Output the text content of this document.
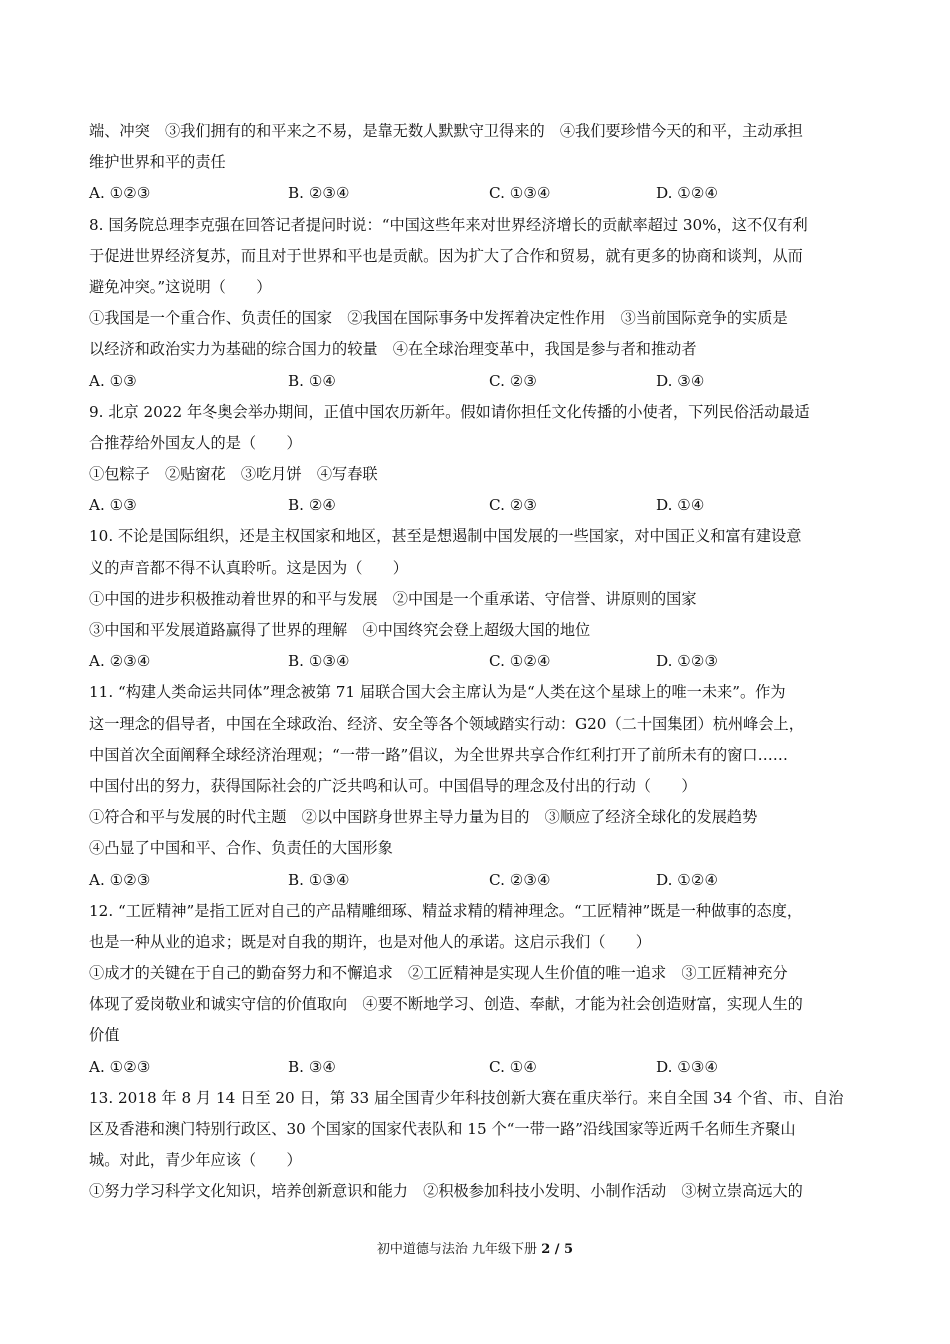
端、冲突　③我们拥有的和平来之不易，是靠无数人默默守卫得来的　④我们要珍惜今天的和平，主动承担
维护世界和平的责任
A. ①②③	B. ②③④	C. ①③④	D. ①②④
8. 国务院总理李克强在回答记者提问时说：“中国这些年来对世界经济增长的贡献率超过 30%，这不仅有利
于促进世界经济复苏，而且对于世界和平也是贡献。因为扩大了合作和贸易，就有更多的协商和谈判，从而
避免冲突。”这说明（　　）
①我国是一个重合作、负责任的国家　②我国在国际事务中发挥着决定性作用　③当前国际竞争的实质是
以经济和政治实力为基础的综合国力的较量　④在全球治理变革中，我国是参与者和推动者
A. ①③	B. ①④	C. ②③	D. ③④
9. 北京 2022 年冬奥会举办期间，正值中国农历新年。假如请你担任文化传播的小使者，下列民俗活动最适
合推荐给外国友人的是（　　）
①包粽子　②贴窗花　③吃月饼　④写春联
A. ①③	B. ②④	C. ②③	D. ①④
10. 不论是国际组织，还是主权国家和地区，甚至是想遏制中国发展的一些国家，对中国正义和富有建设意
义的声音都不得不认真聆听。这是因为（　　）
①中国的进步积极推动着世界的和平与发展　②中国是一个重承诺、守信誉、讲原则的国家
③中国和平发展道路赢得了世界的理解　④中国终究会登上超级大国的地位
A. ②③④	B. ①③④	C. ①②④	D. ①②③
11. “构建人类命运共同体”理念被第 71 届联合国大会主席认为是“人类在这个星球上的唯一未来”。作为
这一理念的倡导者，中国在全球政治、经济、安全等各个领域踏实行动：G20（二十国集团）杭州峰会上，
中国首次全面阐释全球经济治理观；“一带一路”倡议，为全世界共享合作红利打开了前所未有的窗口……
中国付出的努力，获得国际社会的广泛共鸣和认可。中国倡导的理念及付出的行动（　　）
①符合和平与发展的时代主题　②以中国跻身世界主导力量为目的　③顺应了经济全球化的发展趋势
④凸显了中国和平、合作、负责任的大国形象
A. ①②③	B. ①③④	C. ②③④	D. ①②④
12. “工匠精神”是指工匠对自己的产品精雕细琢、精益求精的精神理念。“工匠精神”既是一种做事的态度，
也是一种从业的追求；既是对自我的期许，也是对他人的承诺。这启示我们（　　）
①成才的关键在于自己的勤奋努力和不懈追求　②工匠精神是实现人生价值的唯一追求　③工匠精神充分
体现了爱岗敬业和诚实守信的价值取向　④要不断地学习、创造、奉献，才能为社会创造财富，实现人生的
价值
A. ①②③	B. ③④	C. ①④	D. ①③④
13. 2018 年 8 月 14 日至 20 日，第 33 届全国青少年科技创新大赛在重庆举行。来自全国 34 个省、市、自治
区及香港和澳门特别行政区、30 个国家的国家代表队和 15 个“一带一路”沿线国家等近两千名师生齐聚山
城。对此，青少年应该（　　）
①努力学习科学文化知识，培养创新意识和能力　②积极参加科技小发明、小制作活动　③树立崇高远大的
初中道德与法治 九年级下册 2 / 5
